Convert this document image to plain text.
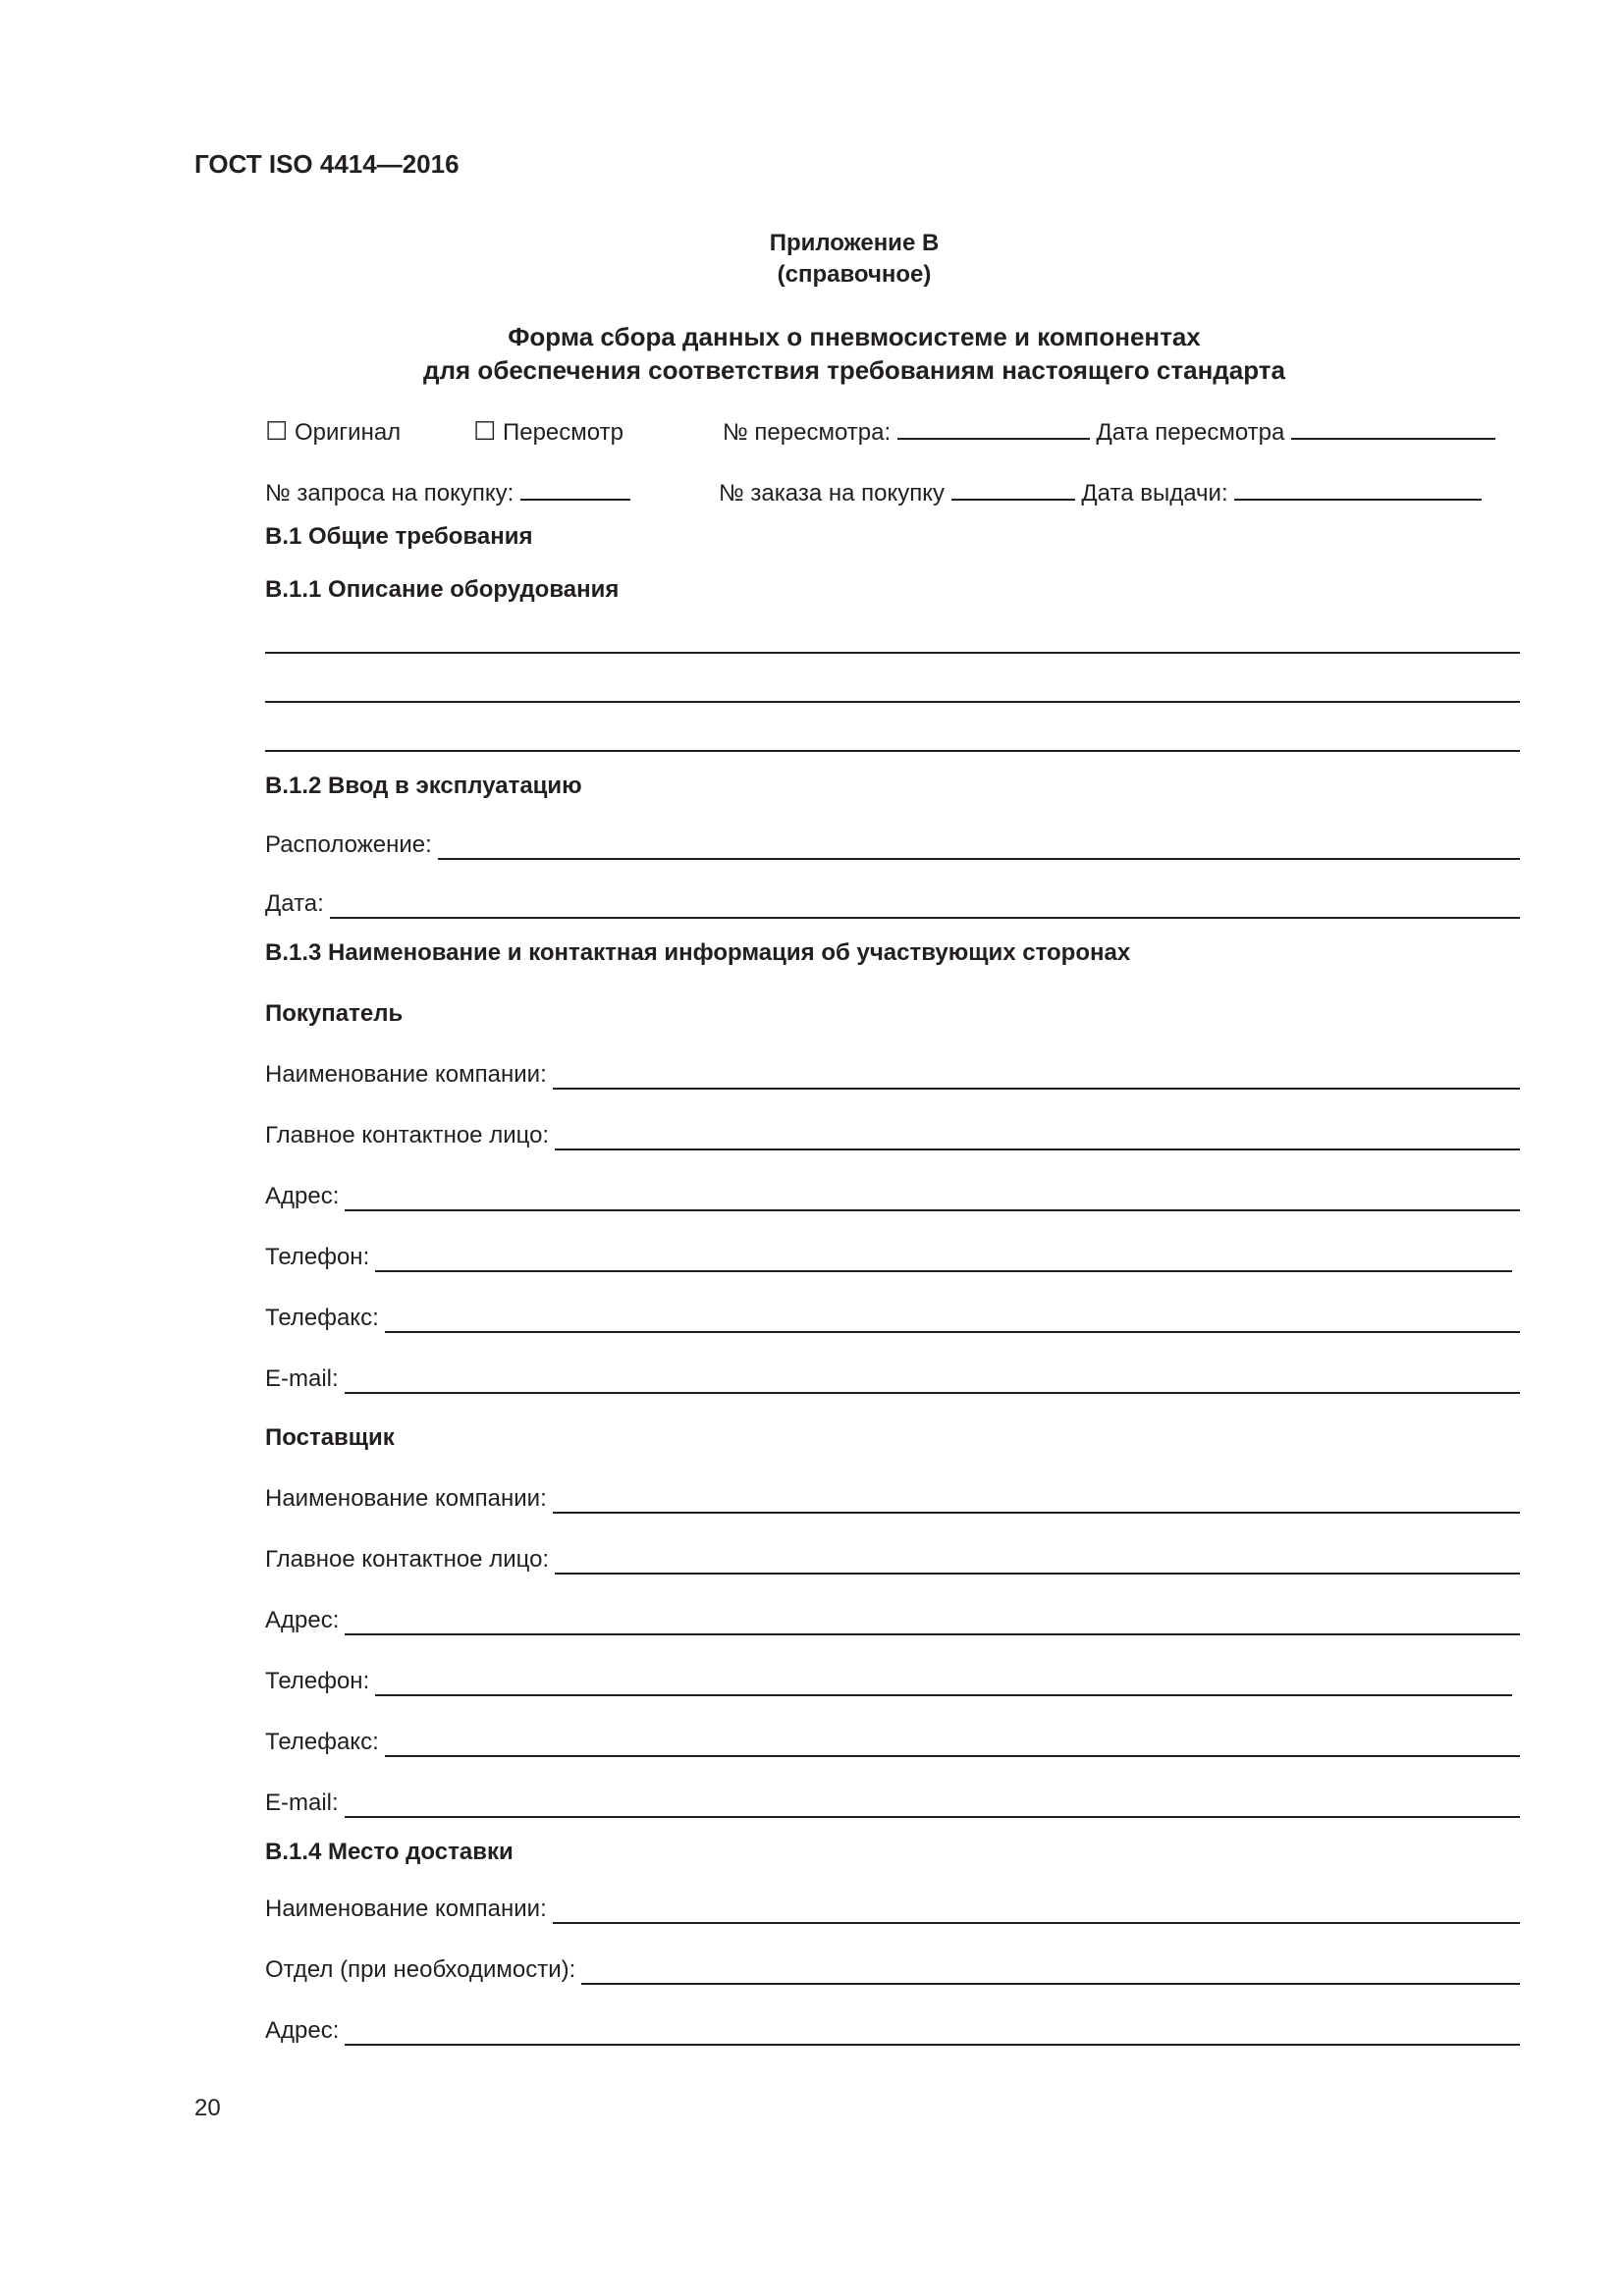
ГОСТ ISO 4414—2016
Приложение В
(справочное)
Форма сбора данных о пневмосистеме и компонентах
для обеспечения соответствия требованиям настоящего стандарта
☐ Оригинал	☐ Пересмотр	№ пересмотра:	Дата пересмотра
№ запроса на покупку:	№ заказа на покупку	Дата выдачи:
В.1 Общие требования
В.1.1 Описание оборудования
В.1.2 Ввод в эксплуатацию
Расположение:
Дата:
В.1.3 Наименование и контактная информация об участвующих сторонах
Покупатель
Наименование компании:
Главное контактное лицо:
Адрес:
Телефон:
Телефакс:
E-mail:
Поставщик
Наименование компании:
Главное контактное лицо:
Адрес:
Телефон:
Телефакс:
E-mail:
В.1.4 Место доставки
Наименование компании:
Отдел (при необходимости):
Адрес:
20
